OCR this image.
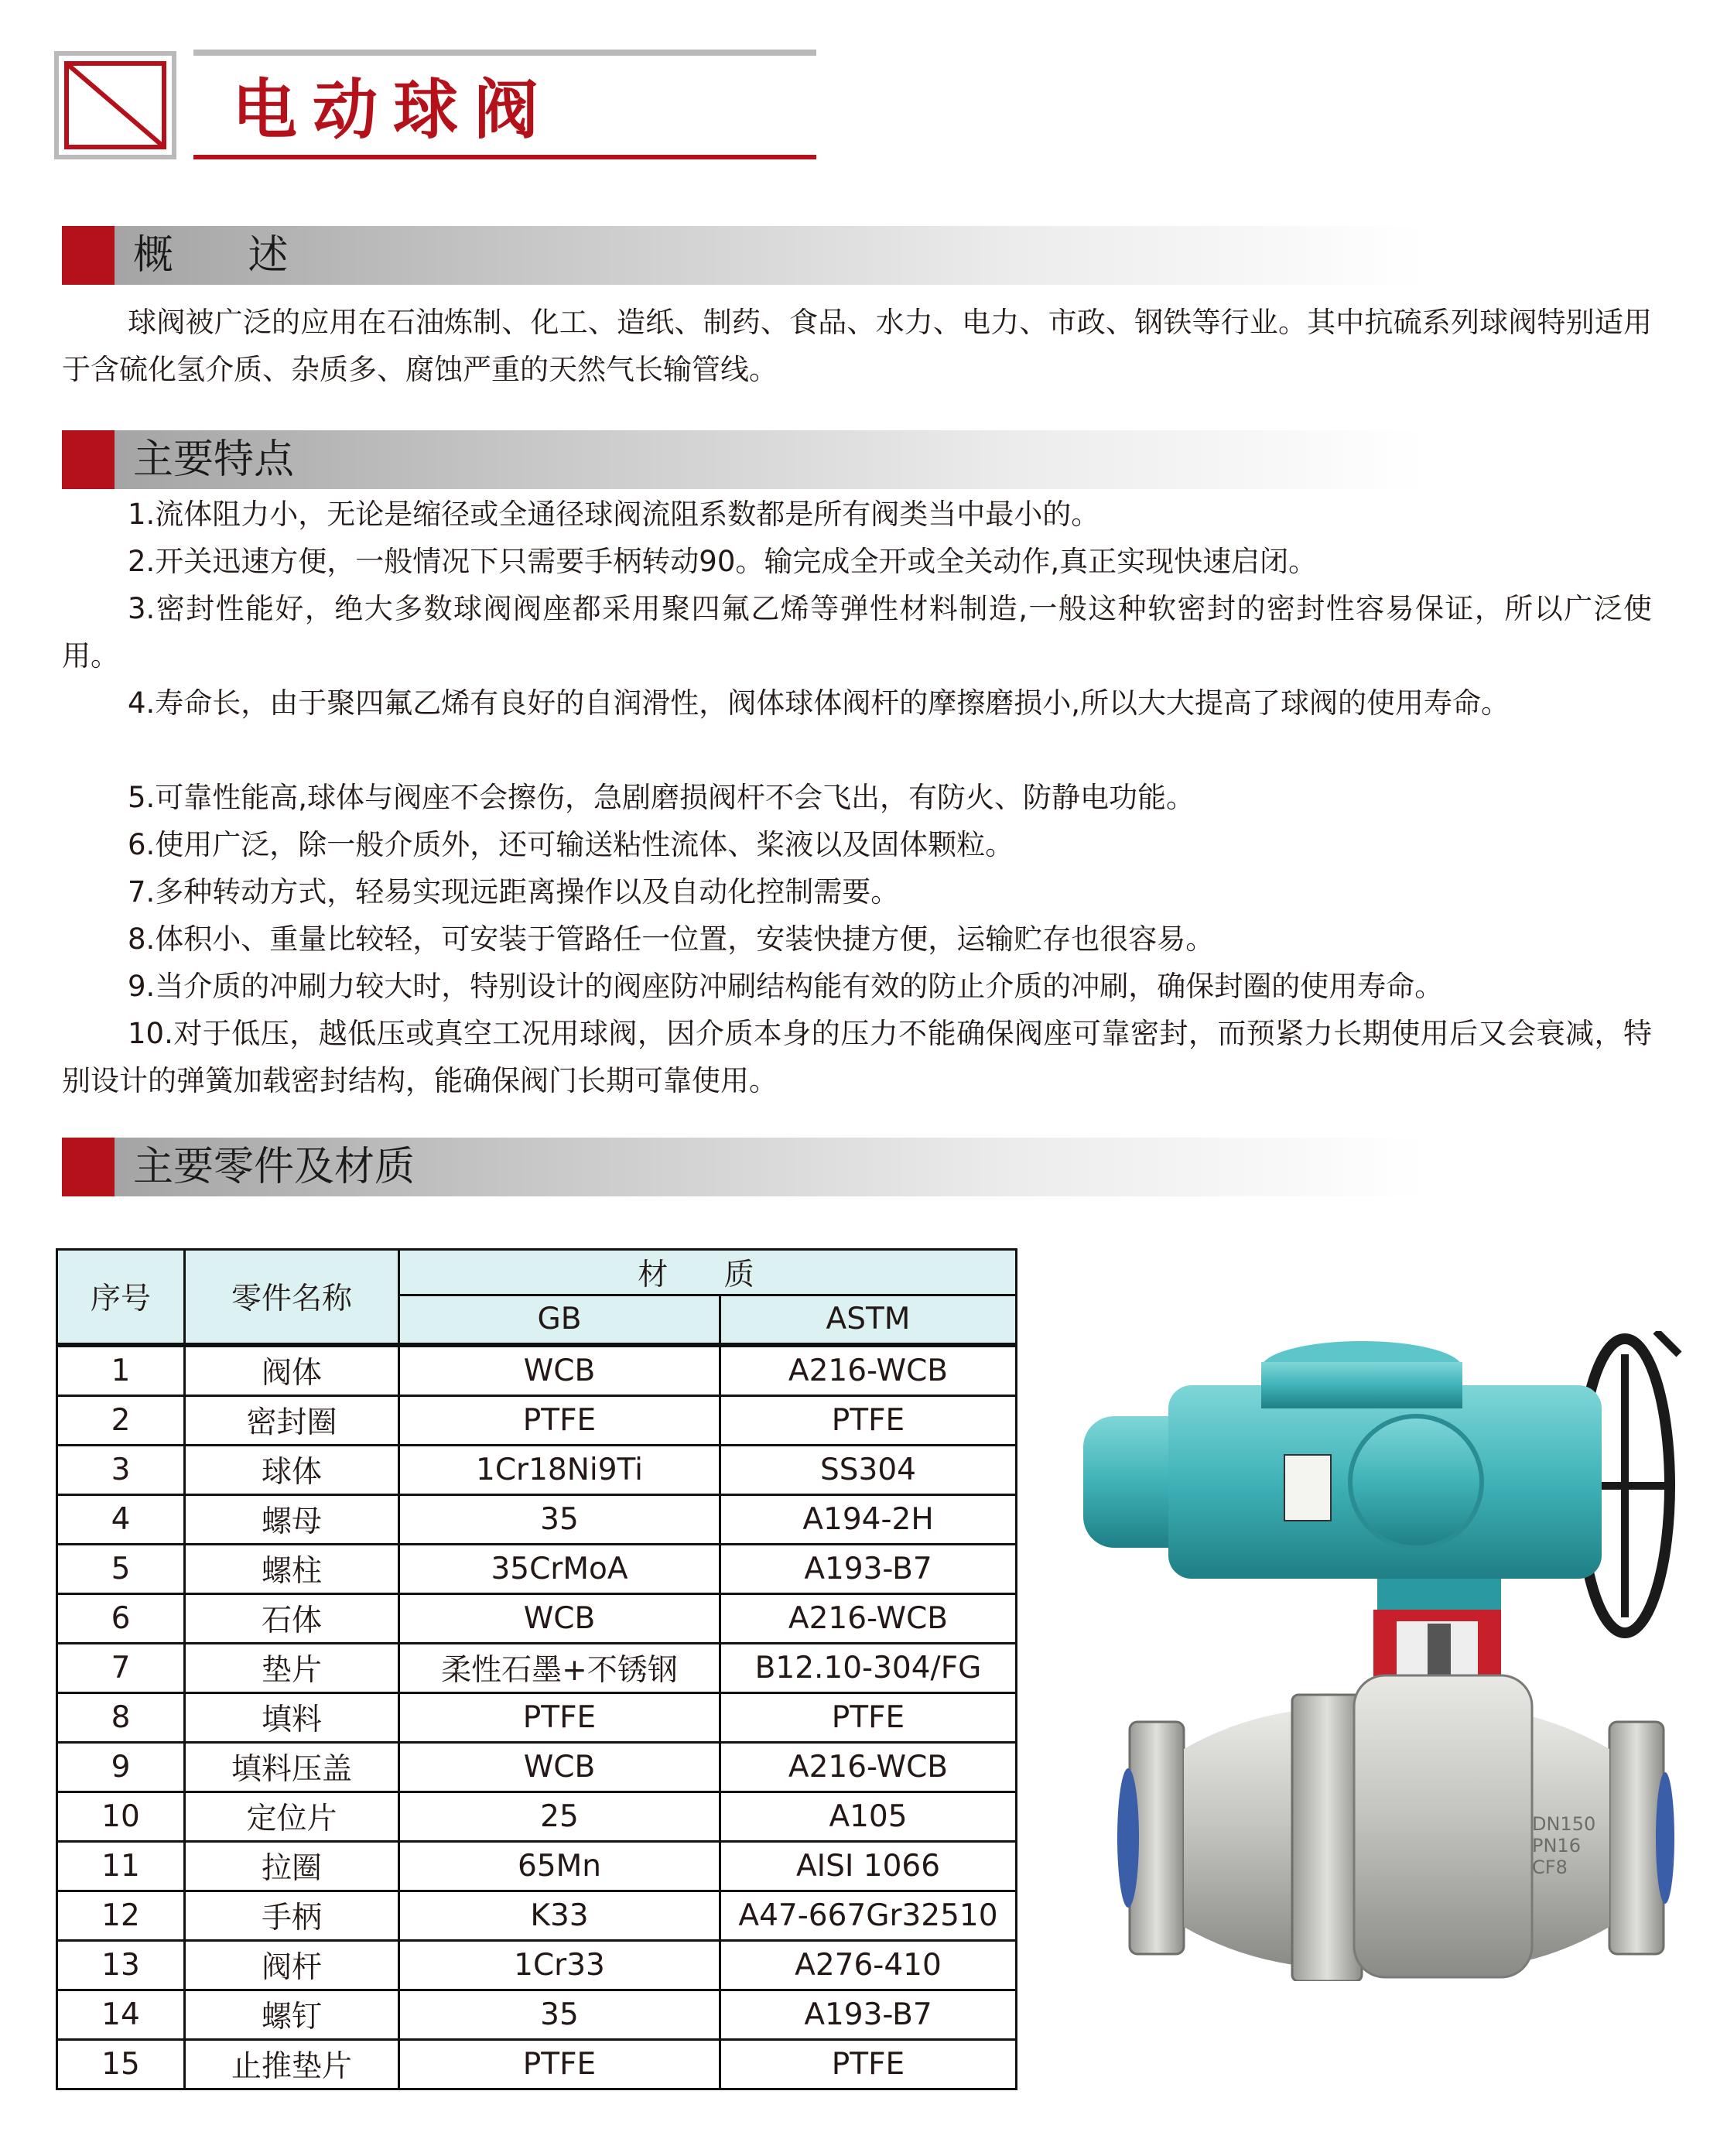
电动球阀
概 述

球阀被广泛的应用在石油炼制、化工、造纸、制药、食品、水力、电力、市政、钢铁等行业。其中抗硫系列球阀特别适用于含硫化氢介质、杂质多、腐蚀严重的天然气长输管线。

主要特点

1.流体阻力小，无论是缩径或全通径球阀流阻系数都是所有阀类当中最小的。

2.开关迅速方便，一般情况下只需要手柄转动90。输完成全开或全关动作,真正实现快速启闭。

3.密封性能好，绝大多数球阀阀座都采用聚四氟乙烯等弹性材料制造,一般这种软密封的密封性容易保证，所以广泛使用。

4.寿命长，由于聚四氟乙烯有良好的自润滑性，阀体球体阀杆的摩擦磨损小,所以大大提高了球阀的使用寿命。

5.可靠性能高,球体与阀座不会擦伤，急剧磨损阀杆不会飞出，有防火、防静电功能。

6.使用广泛，除一般介质外，还可输送粘性流体、桨液以及固体颗粒。

7.多种转动方式，轻易实现远距离操作以及自动化控制需要。

8.体积小、重量比较轻，可安装于管路任一位置，安装快捷方便，运输贮存也很容易。

9.当介质的冲刷力较大时，特别设计的阀座防冲刷结构能有效的防止介质的冲刷，确保封圈的使用寿命。

10.对于低压，越低压或真空工况用球阀，因介质本身的压力不能确保阀座可靠密封，而预紧力长期使用后又会衰减，特别设计的弹簧加载密封结构，能确保阀门长期可靠使用。

主要零件及材质
序号	零件名称	材 质	
		GB	ASTM
1	阀体	WCB	A216-WCB
2	密封圈	PTFE	PTFE
3	球体	1Cr18Ni9Ti	SS304
4	螺母	35	A194-2H
5	螺柱	35CrMoA	A193-B7
6	石体	WCB	A216-WCB
7	垫片	柔性石墨+不锈钢	B12.10-304/FG
8	填料	PTFE	PTFE
9	填料压盖	WCB	A216-WCB
10	定位片	25	A105
11	拉圈	65Mn	AISI 1066
12	手柄	K33	A47-667Gr32510
13	阀杆	1Cr33	A276-410
14	螺钉	35	A193-B7
15	止推垫片	PTFE	PTFE
DN150
PN16
CF8
